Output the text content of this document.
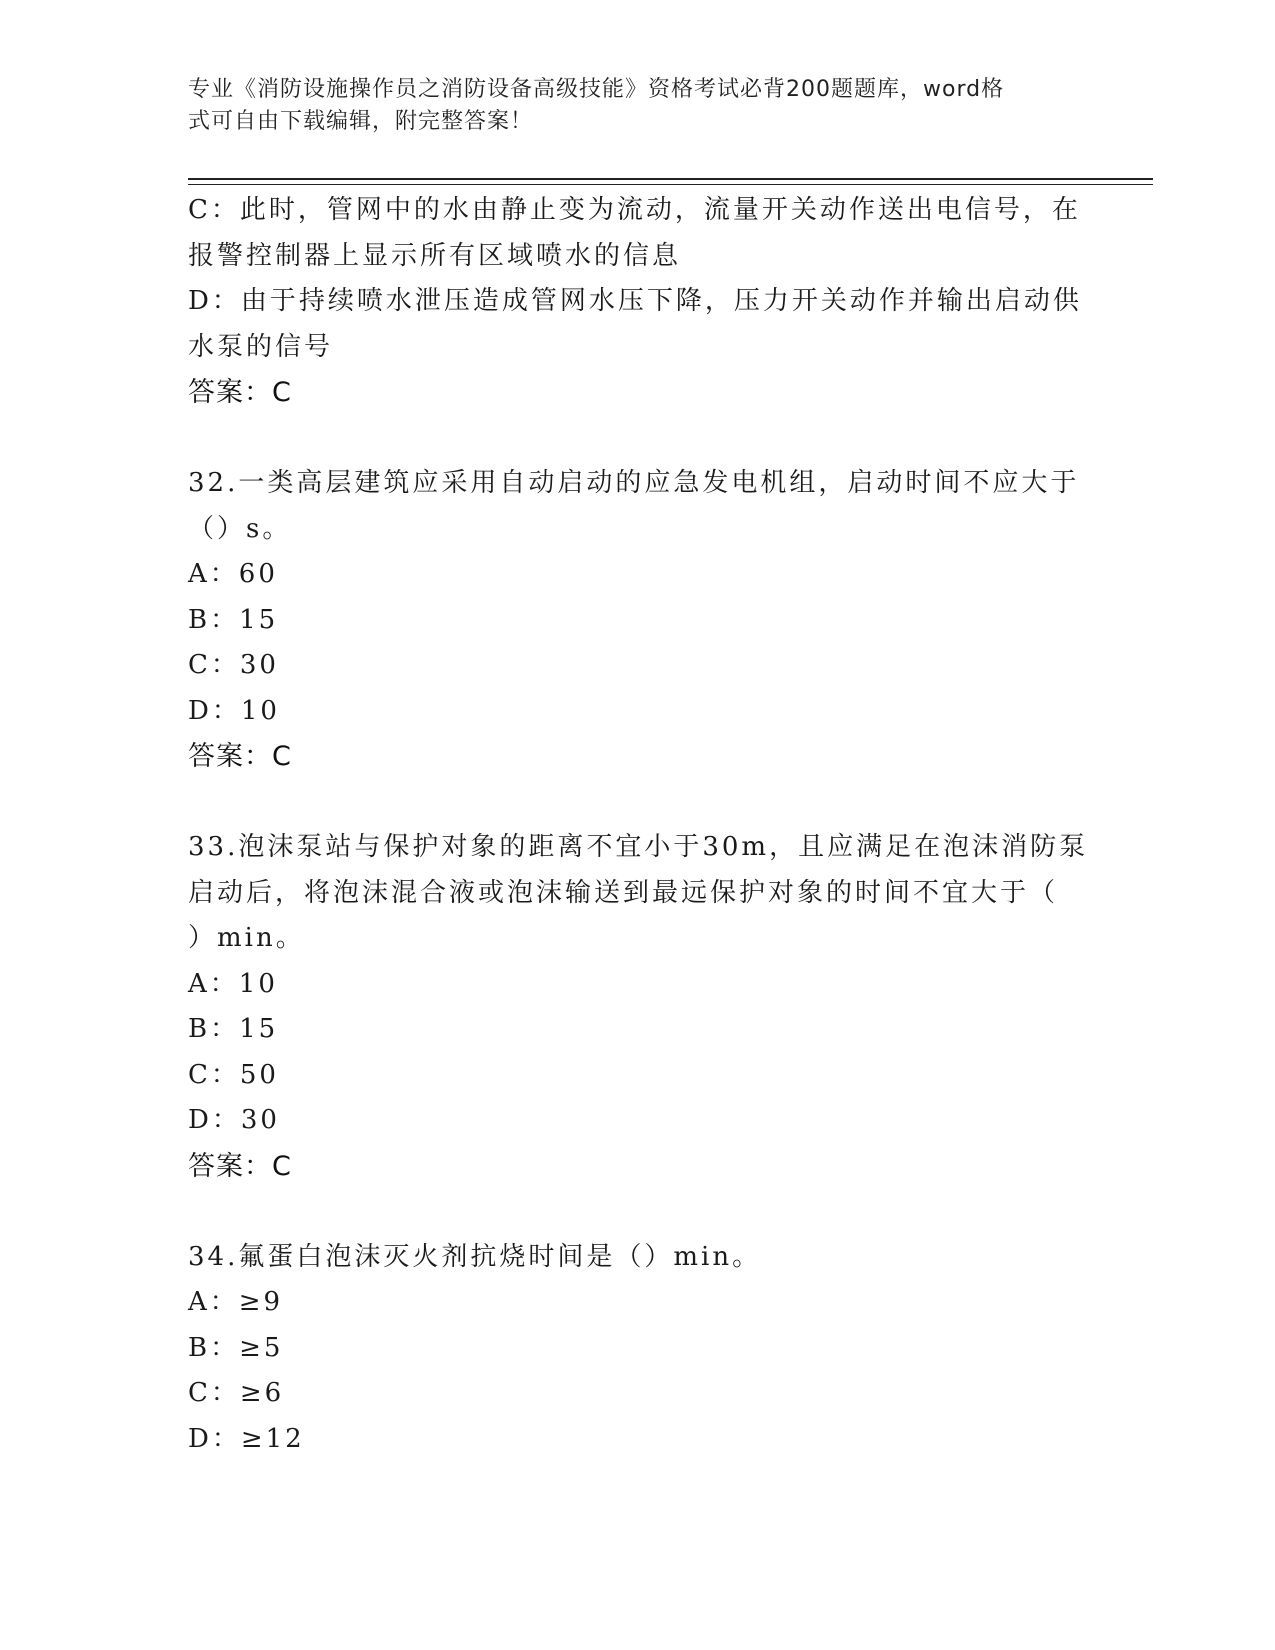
专业《消防设施操作员之消防设备高级技能》资格考试必背200题题库，word格
式可自由下载编辑，附完整答案！
C：此时，管网中的水由静止变为流动，流量开关动作送出电信号，在
报警控制器上显示所有区域喷水的信息
D：由于持续喷水泄压造成管网水压下降，压力开关动作并输出启动供
水泵的信号
答案：C
32.一类高层建筑应采用自动启动的应急发电机组，启动时间不应大于
（）s。
A：60
B：15
C：30
D：10
答案：C
33.泡沫泵站与保护对象的距离不宜小于30m，且应满足在泡沫消防泵
启动后，将泡沫混合液或泡沫输送到最远保护对象的时间不宜大于（
）min。
A：10
B：15
C：50
D：30
答案：C
34.氟蛋白泡沫灭火剂抗烧时间是（）min。
A：≥9
B：≥5
C：≥6
D：≥12
